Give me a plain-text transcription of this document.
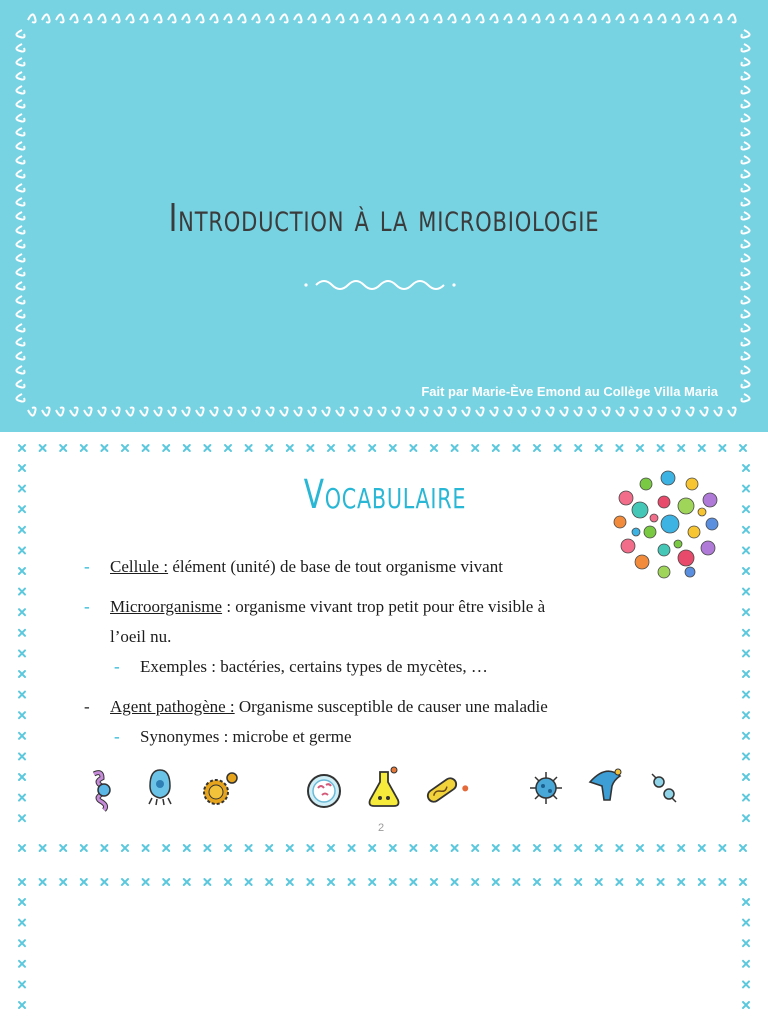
Introduction à la microbiologie
Fait par Marie-Ève Emond au Collège Villa Maria
Vocabulaire
- Cellule : élément (unité) de base de tout organisme vivant
- Microorganisme : organisme vivant trop petit pour être visible à
l’oeil nu.
- Exemples : bactéries, certains types de mycètes, …
- Agent pathogène : Organisme susceptible de causer une maladie
- Synonymes : microbe et germe
2
